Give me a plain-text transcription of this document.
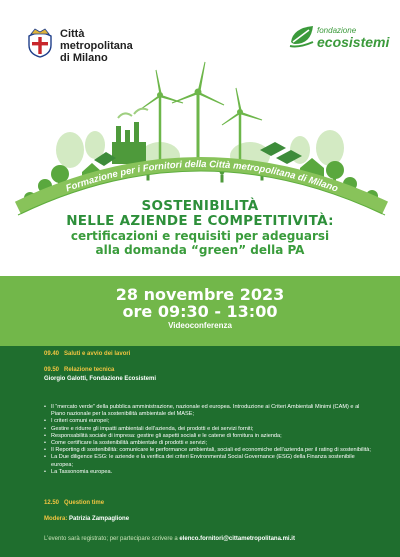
Città
metropolitana
di Milano
fondazione
ecosistemi
Formazione per i Fornitori della Città metropolitana di Milano
SOSTENIBILITÀ
NELLE AZIENDE E COMPETITIVITÀ:
certificazioni e requisiti per adeguarsi
alla domanda “green” della PA
28 novembre 2023
ore 09:30 - 13:00
Videoconferenza
09.40 Saluti e avvio dei lavori
09.50 Relazione tecnica
Giorgio Galotti, Fondazione Ecosistemi
• Il “mercato verde” della pubblica amministrazione, nazionale ed europea. Introduzione ai Criteri Ambientali Minimi (CAM) e al Piano nazionale per la sostenibilità ambientale del MASE;
• I criteri comuni europei;
• Gestire e ridurre gli impatti ambientali dell’azienda, dei prodotti e dei servizi forniti;
• Responsabilità sociale di impresa: gestire gli aspetti sociali e le catene di fornitura in azienda;
• Come certificare la sostenibilità ambientale di prodotti e servizi;
• Il Reporting di sostenibilità: comunicare le performance ambientali, sociali ed economiche dell’azienda per il rating di sostenibilità;
• La Due diligence ESG: le aziende e la verifica dei criteri Environmental Social Governance (ESG) della Finanza sostenibile europea;
• La Tassonomia europea.
12.50 Question time
Modera: Patrizia Zampaglione
L’evento sarà registrato; per partecipare scrivere a elenco.fornitori@cittametropolitana.mi.it
